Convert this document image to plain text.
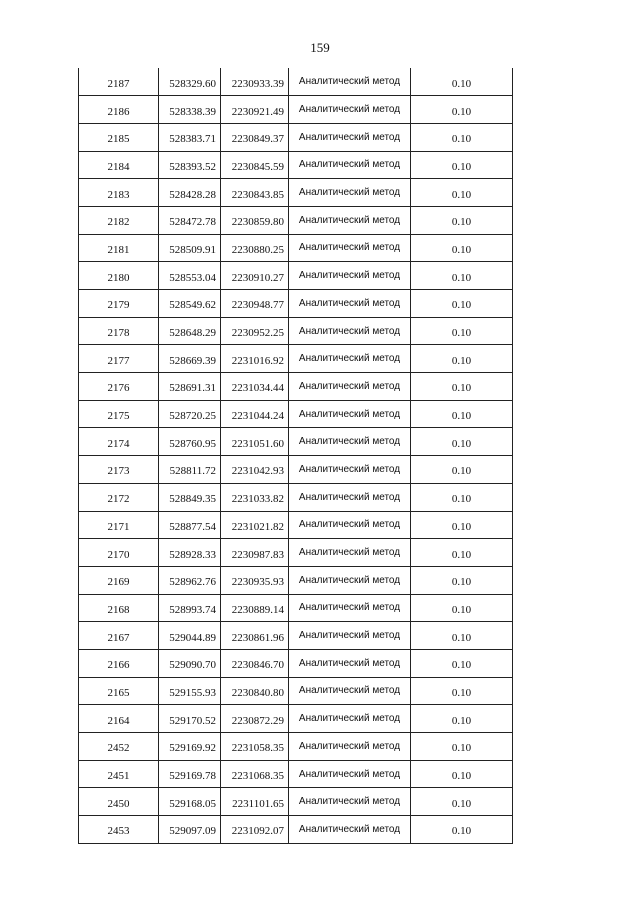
159
2187	528329.60	2230933.39	Аналитический метод	0.10
2186	528338.39	2230921.49	Аналитический метод	0.10
2185	528383.71	2230849.37	Аналитический метод	0.10
2184	528393.52	2230845.59	Аналитический метод	0.10
2183	528428.28	2230843.85	Аналитический метод	0.10
2182	528472.78	2230859.80	Аналитический метод	0.10
2181	528509.91	2230880.25	Аналитический метод	0.10
2180	528553.04	2230910.27	Аналитический метод	0.10
2179	528549.62	2230948.77	Аналитический метод	0.10
2178	528648.29	2230952.25	Аналитический метод	0.10
2177	528669.39	2231016.92	Аналитический метод	0.10
2176	528691.31	2231034.44	Аналитический метод	0.10
2175	528720.25	2231044.24	Аналитический метод	0.10
2174	528760.95	2231051.60	Аналитический метод	0.10
2173	528811.72	2231042.93	Аналитический метод	0.10
2172	528849.35	2231033.82	Аналитический метод	0.10
2171	528877.54	2231021.82	Аналитический метод	0.10
2170	528928.33	2230987.83	Аналитический метод	0.10
2169	528962.76	2230935.93	Аналитический метод	0.10
2168	528993.74	2230889.14	Аналитический метод	0.10
2167	529044.89	2230861.96	Аналитический метод	0.10
2166	529090.70	2230846.70	Аналитический метод	0.10
2165	529155.93	2230840.80	Аналитический метод	0.10
2164	529170.52	2230872.29	Аналитический метод	0.10
2452	529169.92	2231058.35	Аналитический метод	0.10
2451	529169.78	2231068.35	Аналитический метод	0.10
2450	529168.05	2231101.65	Аналитический метод	0.10
2453	529097.09	2231092.07	Аналитический метод	0.10
